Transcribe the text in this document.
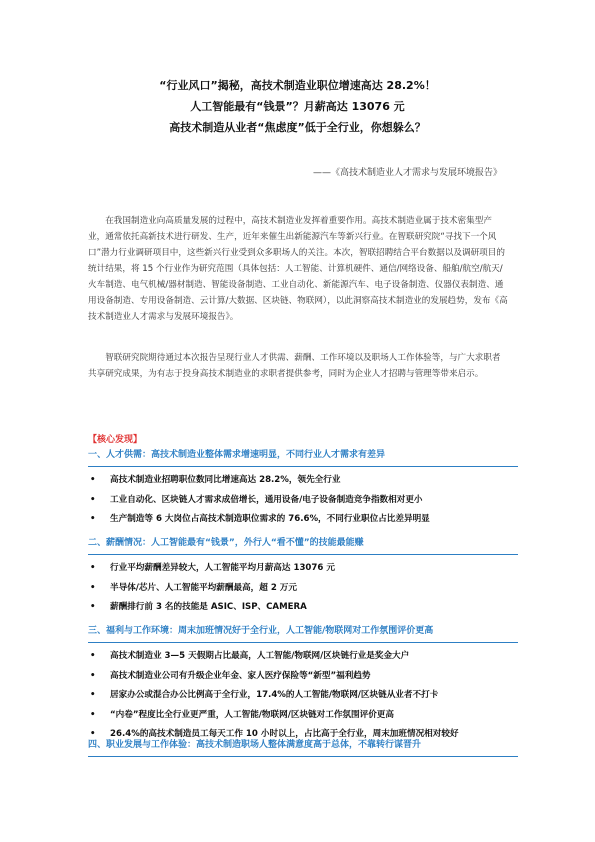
“行业风口”揭秘，高技术制造业职位增速高达 28.2%！
人工智能最有“钱景”？月薪高达 13076 元
高技术制造从业者“焦虑度”低于全行业，你想躲么？
——《高技术制造业人才需求与发展环境报告》

在我国制造业向高质量发展的过程中，高技术制造业发挥着重要作用。高技术制造业属于技术密集型产业，通常依托高新技术进行研发、生产，近年来催生出新能源汽车等新兴行业。在智联研究院“寻找下一个风口”潜力行业调研项目中，这些新兴行业受到众多职场人的关注。本次，智联招聘结合平台数据以及调研项目的统计结果，将 15 个行业作为研究范围（具体包括：人工智能、计算机硬件、通信/网络设备、船舶/航空/航天/火车制造、电气机械/器材制造、智能设备制造、工业自动化、新能源汽车、电子设备制造、仪器仪表制造、通用设备制造、专用设备制造、云计算/大数据、区块链、物联网），以此洞察高技术制造业的发展趋势，发布《高技术制造业人才需求与发展环境报告》。

智联研究院期待通过本次报告呈现行业人才供需、薪酬、工作环境以及职场人工作体验等，与广大求职者共享研究成果，为有志于投身高技术制造业的求职者提供参考，同时为企业人才招聘与管理等带来启示。

【核心发现】
一、人才供需：高技术制造业整体需求增速明显，不同行业人才需求有差异
• 高技术制造业招聘职位数同比增速高达 28.2%，领先全行业
• 工业自动化、区块链人才需求成倍增长，通用设备/电子设备制造竞争指数相对更小
• 生产制造等 6 大岗位占高技术制造职位需求的 76.6%，不同行业职位占比差异明显
二、薪酬情况：人工智能最有“钱景”，外行人“看不懂”的技能最能赚
• 行业平均薪酬差异较大，人工智能平均月薪高达 13076 元
• 半导体/芯片、人工智能平均薪酬最高，超 2 万元
• 薪酬排行前 3 名的技能是 ASIC、ISP、CAMERA
三、福利与工作环境：周末加班情况好于全行业，人工智能/物联网对工作氛围评价更高
• 高技术制造业 3—5 天假期占比最高，人工智能/物联网/区块链行业是奖金大户
• 高技术制造业公司有升级企业年金、家人医疗保险等“新型”福利趋势
• 居家办公或混合办公比例高于全行业，17.4%的人工智能/物联网/区块链从业者不打卡
• “内卷”程度比全行业更严重，人工智能/物联网/区块链对工作氛围评价更高
• 26.4%的高技术制造员工每天工作 10 小时以上，占比高于全行业，周末加班情况相对较好
四、职业发展与工作体验：高技术制造职场人整体满意度高于总体，不靠转行谋晋升
